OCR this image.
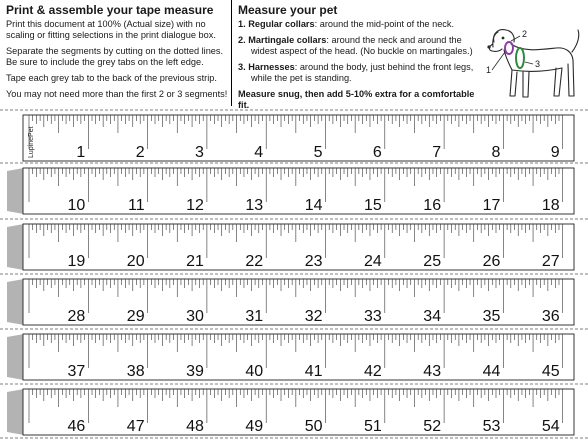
Print & assemble your tape measure

Print this document at 100% (Actual size) with no scaling or fitting selections in the print dialogue box.

Separate the segments by cutting on the dotted lines. Be sure to include the grey tabs on the left edge.

Tape each grey tab to the back of the previous strip.

You may not need more than the first 2 or 3 segments!

Measure your pet
1. Regular collars: around the mid-point of the neck.
2. Martingale collars: around the neck and around the widest aspect of the head. (No buckle on martingales.)
3. Harnesses: around the body, just behind the front legs, while the pet is standing.
Measure snug, then add 5-10% extra for a comfortable fit.
1
2
3
1	2	3	4	5	6	7	8	9
LupinePet
10	11	12	13	14	15	16	17	18
19	20	21	22	23	24	25	26	27
28	29	30	31	32	33	34	35	36
37	38	39	40	41	42	43	44	45
46	47	48	49	50	51	52	53	54
